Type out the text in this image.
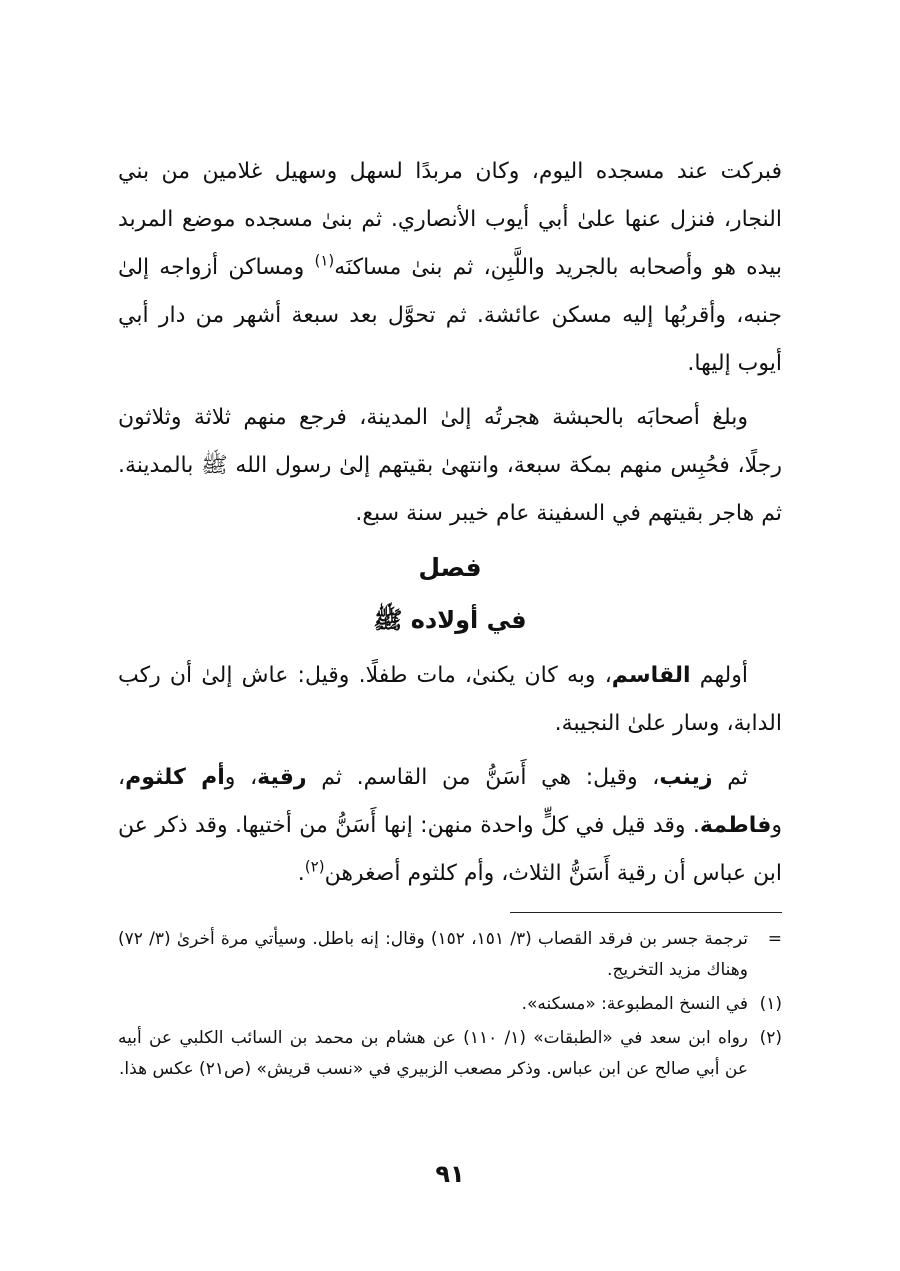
فبركت عند مسجده اليوم، وكان مربدًا لسهل وسهيل غلامين من بني النجار، فنزل عنها علىٰ أبي أيوب الأنصاري. ثم بنىٰ مسجده موضع المربد بيده هو وأصحابه بالجريد واللَّبِن، ثم بنىٰ مساكنَه$^{(١)}$ ومساكن أزواجه إلىٰ جنبه، وأقربُها إليه مسكن عائشة. ثم تحوَّل بعد سبعة أشهر من دار أبي أيوب إليها.

وبلغ أصحابَه بالحبشة هجرتُه إلىٰ المدينة، فرجع منهم ثلاثة وثلاثون رجلًا، فحُبِس منهم بمكة سبعة، وانتهىٰ بقيتهم إلىٰ رسول الله ﷺ بالمدينة. ثم هاجر بقيتهم في السفينة عام خيبر سنة سبع.

فصل
في أولاده ﷺ

أولهم القاسم، وبه كان يكنىٰ، مات طفلًا. وقيل: عاش إلىٰ أن ركب الدابة، وسار علىٰ النجيبة.

ثم زينب، وقيل: هي أَسَنُّ من القاسم. ثم رقية، وأم كلثوم، وفاطمة. وقد قيل في كلٍّ واحدة منهن: إنها أَسَنُّ من أختيها. وقد ذكر عن ابن عباس أن رقية أَسَنُّ الثلاث، وأم كلثوم أصغرهن$^{(٢)}$.

=
ترجمة جسر بن فرقد القصاب (٣/ ١٥١، ١٥٢) وقال: إنه باطل. وسيأتي مرة أخرىٰ (٣/ ٧٢) وهناك مزيد التخريج.
(١)
في النسخ المطبوعة: «مسكنه».
(٢)
رواه ابن سعد في «الطبقات» (١/ ١١٠) عن هشام بن محمد بن السائب الكلبي عن أبيه عن أبي صالح عن ابن عباس. وذكر مصعب الزبيري في «نسب قريش» (ص٢١) عكس هذا.
٩١
